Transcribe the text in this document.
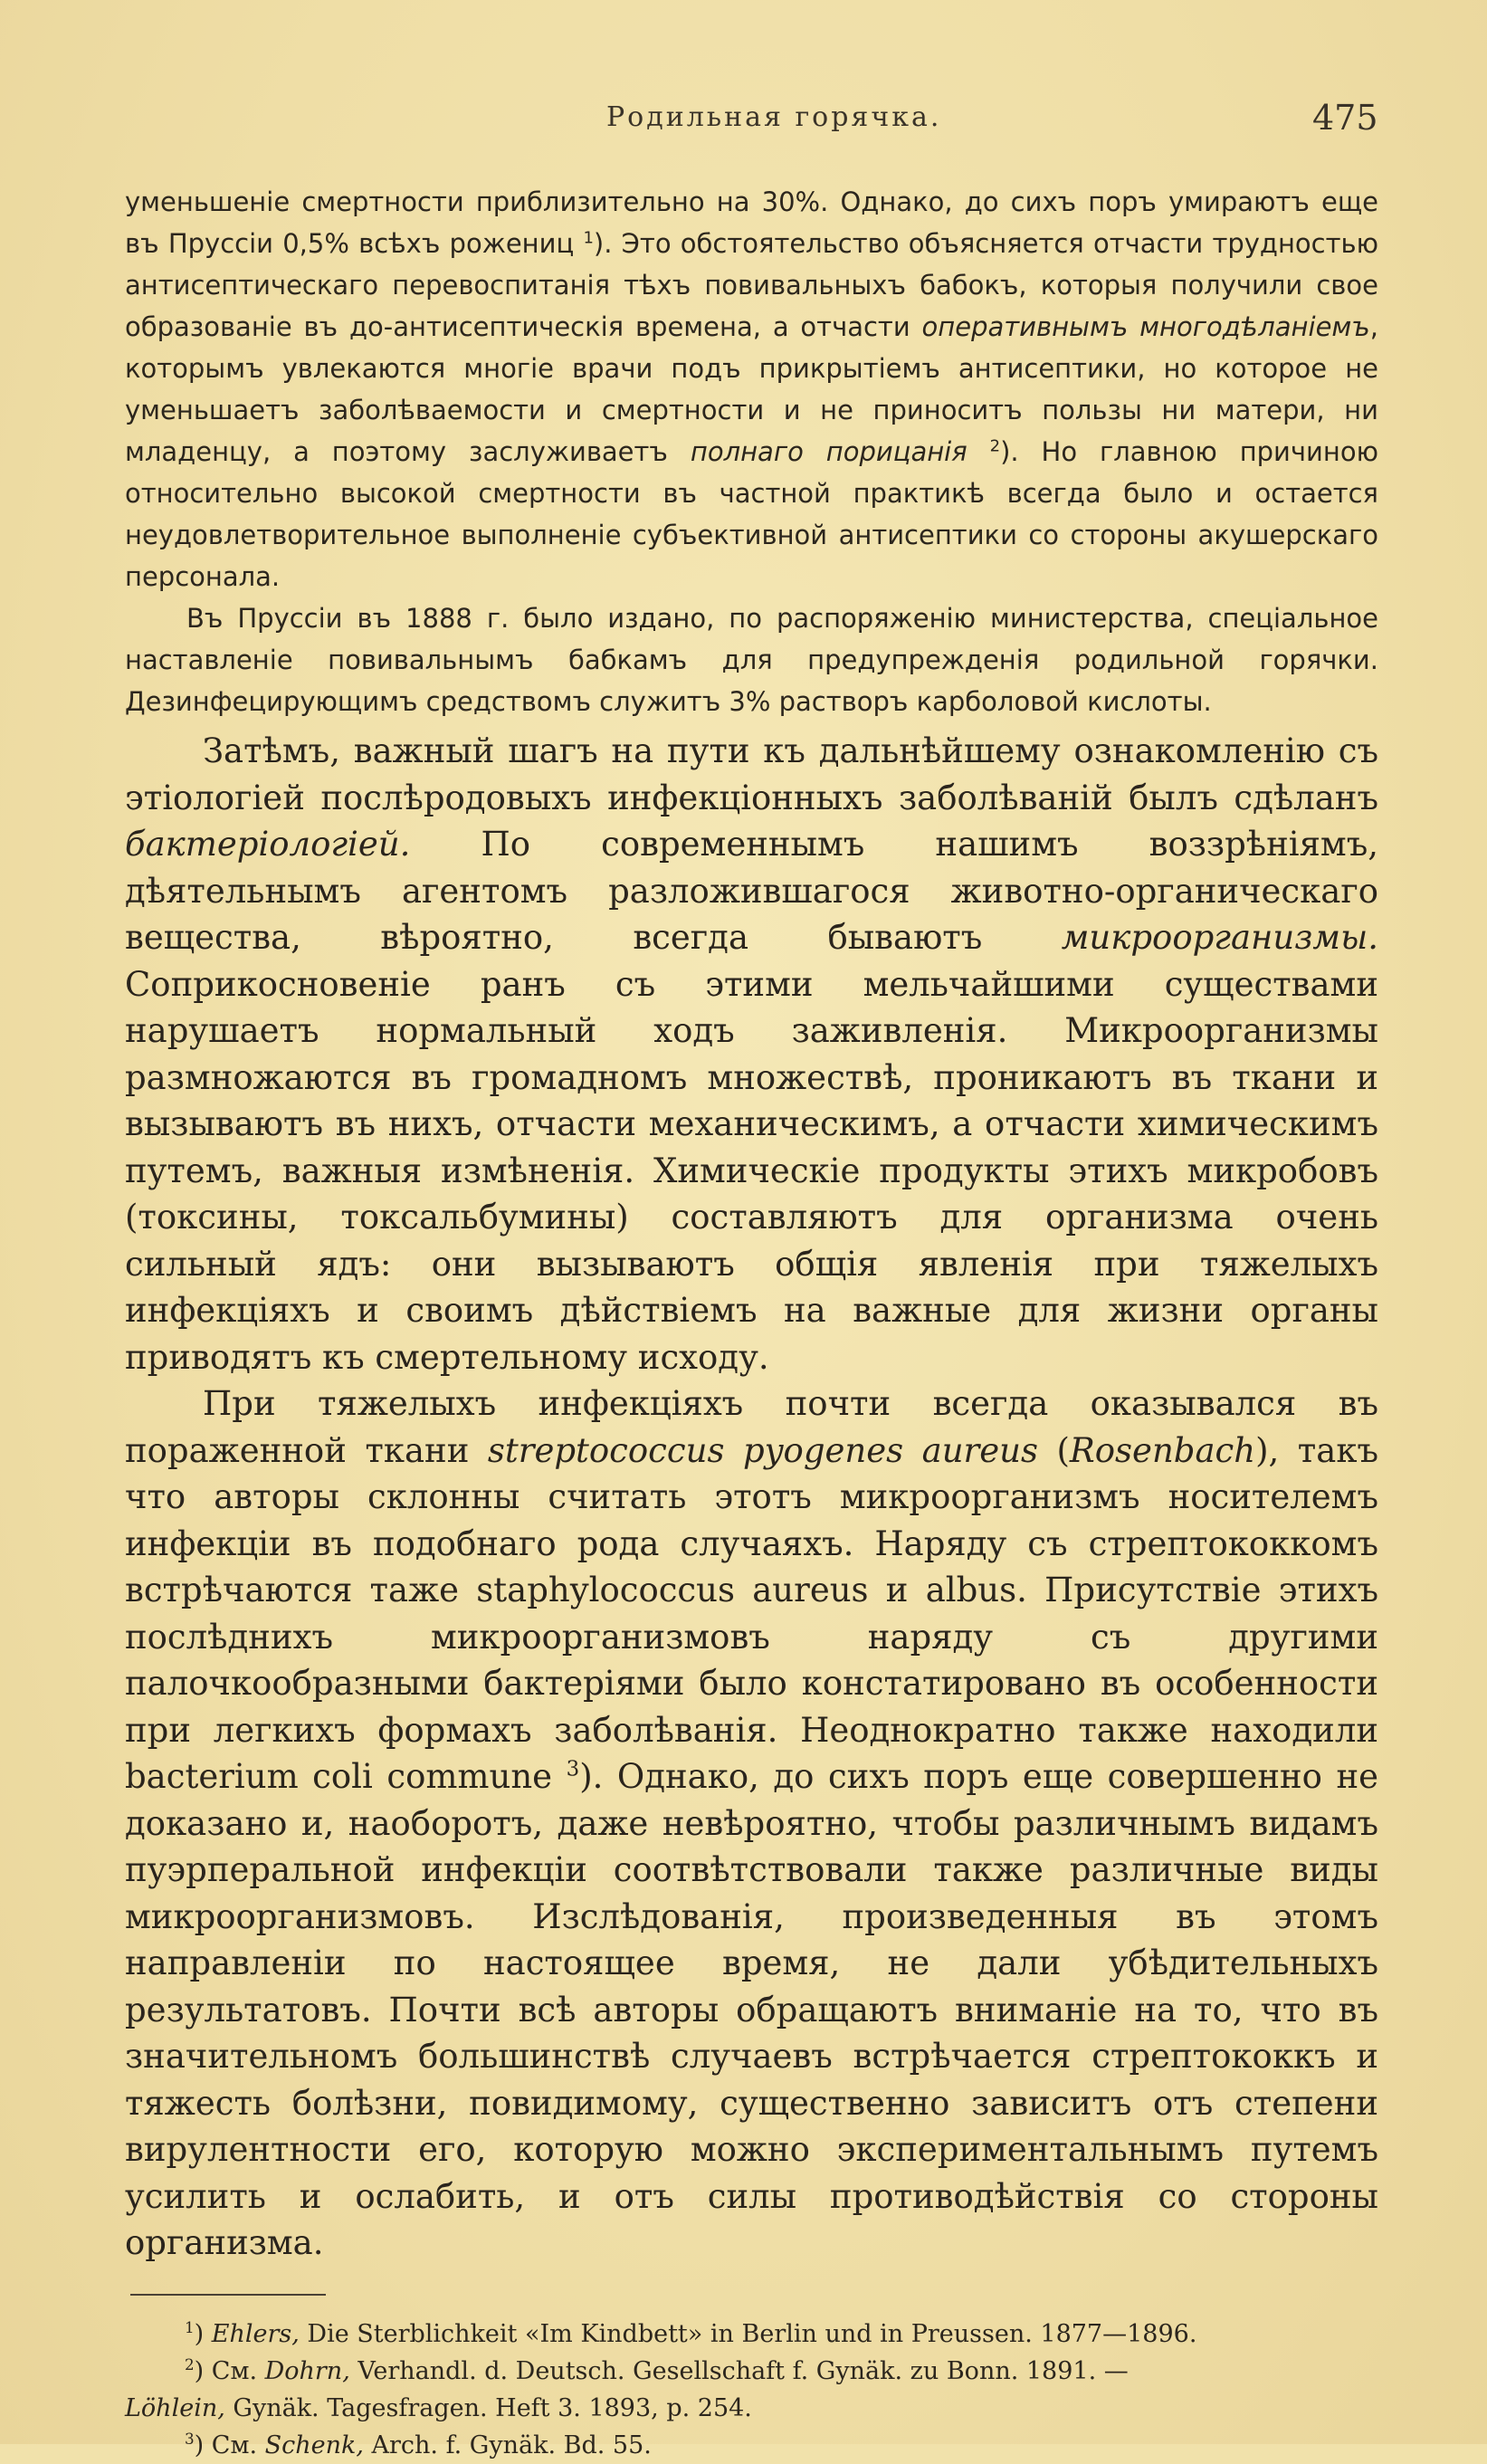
Родильная горячка.	475

уменьшеніе смертности приблизительно на 30%. Однако, до сихъ поръ умираютъ еще въ Пруссіи 0,5% всѣхъ рожениц $^1$). Это обстоятельство объясняется отчасти трудностью антисептическаго перевоспитанія тѣхъ повивальныхъ бабокъ, которыя получили свое образованіе въ до-антисептическія времена, а отчасти оперативнымъ многодѣланіемъ, которымъ увлекаются многіе врачи подъ прикрытіемъ антисептики, но которое не уменьшаетъ заболѣваемости и смертности и не приноситъ пользы ни матери, ни младенцу, а поэтому заслуживаетъ полнаго порицанія $^2$). Но главною причиною относительно высокой смертности въ частной практикѣ всегда было и остается неудовлетворительное выполненіе субъективной антисептики со стороны акушерскаго персонала.

Въ Пруссіи въ 1888 г. было издано, по распоряженію министерства, спеціальное наставленіе повивальнымъ бабкамъ для предупрежденія родильной горячки. Дезинфецирующимъ средствомъ служитъ 3% растворъ карболовой кислоты.

Затѣмъ, важный шагъ на пути къ дальнѣйшему ознакомленію съ этіологіей послѣродовыхъ инфекціонныхъ заболѣваній былъ сдѣланъ бактеріологіей. По современнымъ нашимъ воззрѣніямъ, дѣятельнымъ агентомъ разложившагося животно-органическаго вещества, вѣроятно, всегда бываютъ микроорганизмы. Соприкосновеніе ранъ съ этими мельчайшими существами нарушаетъ нормальный ходъ заживленія. Микроорганизмы размножаются въ громадномъ множествѣ, проникаютъ въ ткани и вызываютъ въ нихъ, отчасти механическимъ, а отчасти химическимъ путемъ, важныя измѣненія. Химическіе продукты этихъ микробовъ (токсины, токсальбумины) составляютъ для организма очень сильный ядъ: они вызываютъ общія явленія при тяжелыхъ инфекціяхъ и своимъ дѣйствіемъ на важные для жизни органы приводятъ къ смертельному исходу.

При тяжелыхъ инфекціяхъ почти всегда оказывался въ пораженной ткани streptococcus pyogenes aureus (Rosenbach), такъ что авторы склонны считать этотъ микроорганизмъ носителемъ инфекціи въ подобнаго рода случаяхъ. Наряду съ стрептококкомъ встрѣчаются таже staphylococcus aureus и albus. Присутствіе этихъ послѣднихъ микроорганизмовъ наряду съ другими палочкообразными бактеріями было констатировано въ особенности при легкихъ формахъ заболѣванія. Неоднократно также находили bacterium coli commune $^3$). Однако, до сихъ поръ еще совершенно не доказано и, наоборотъ, даже невѣроятно, чтобы различнымъ видамъ пуэрперальной инфекціи соотвѣтствовали также различные виды микроорганизмовъ. Изслѣдованія, произведенныя въ этомъ направленіи по настоящее время, не дали убѣдительныхъ результатовъ. Почти всѣ авторы обращаютъ вниманіе на то, что въ значительномъ большинствѣ случаевъ встрѣчается стрептококкъ и тяжесть болѣзни, повидимому, существенно зависитъ отъ степени вирулентности его, которую можно экспериментальнымъ путемъ усилить и ослабить, и отъ силы противодѣйствія со стороны организма.

$^1$) Ehlers, Die Sterblichkeit «Im Kindbett» in Berlin und in Preussen. 1877—1896.

$^2$) См. Dohrn, Verhandl. d. Deutsch. Gesellschaft f. Gynäk. zu Bonn. 1891. —

Löhlein, Gynäk. Tagesfragen. Heft 3. 1893, p. 254.

$^3$) См. Schenk, Arch. f. Gynäk. Bd. 55.
